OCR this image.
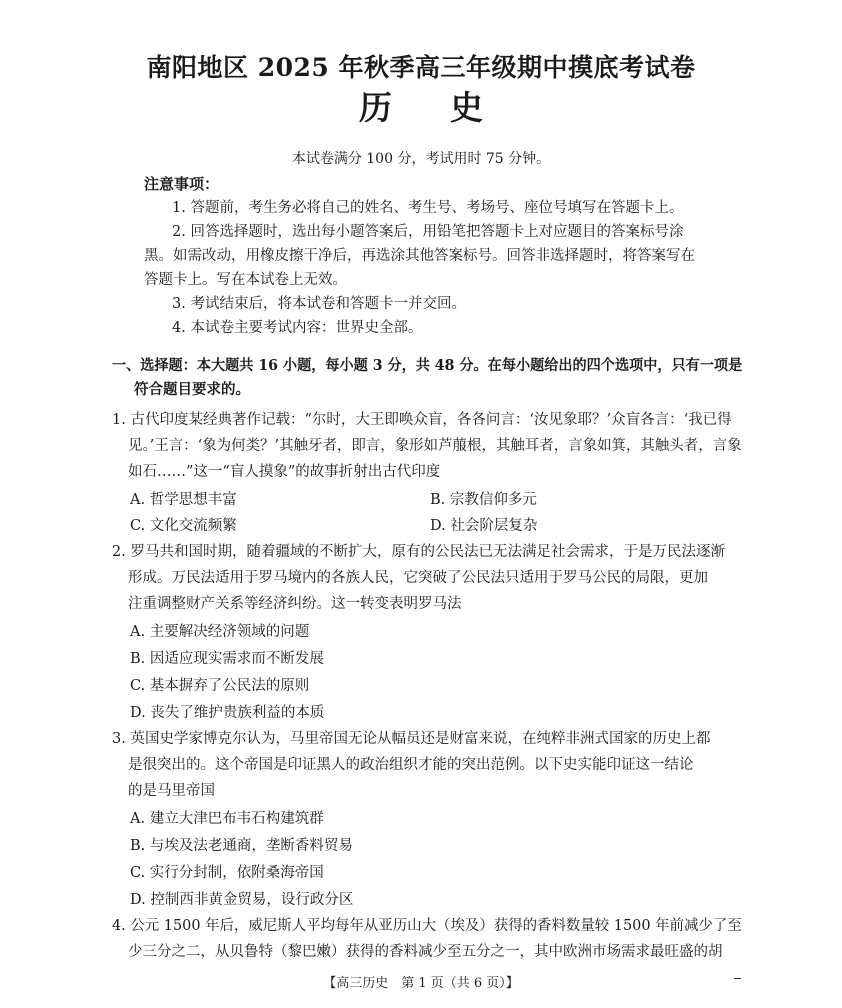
南阳地区 2025 年秋季高三年级期中摸底考试卷
历史
本试卷满分 100 分，考试用时 75 分钟。
注意事项：
1. 答题前，考生务必将自己的姓名、考生号、考场号、座位号填写在答题卡上。
2. 回答选择题时，选出每小题答案后，用铅笔把答题卡上对应题目的答案标号涂
黑。如需改动，用橡皮擦干净后，再选涂其他答案标号。回答非选择题时，将答案写在
答题卡上。写在本试卷上无效。
3. 考试结束后，将本试卷和答题卡一并交回。
4. 本试卷主要考试内容：世界史全部。
一、选择题：本大题共 16 小题，每小题 3 分，共 48 分。在每小题给出的四个选项中，只有一项是
符合题目要求的。
1. 古代印度某经典著作记载：“尔时，大王即唤众盲，各各问言：‘汝见象耶？’众盲各言：‘我已得
见。’王言：‘象为何类？’其触牙者，即言，象形如芦菔根，其触耳者，言象如箕，其触头者，言象
如石……”这一“盲人摸象”的故事折射出古代印度
A. 哲学思想丰富	B. 宗教信仰多元
C. 文化交流频繁	D. 社会阶层复杂
2. 罗马共和国时期，随着疆域的不断扩大，原有的公民法已无法满足社会需求，于是万民法逐渐
形成。万民法适用于罗马境内的各族人民，它突破了公民法只适用于罗马公民的局限，更加
注重调整财产关系等经济纠纷。这一转变表明罗马法
A. 主要解决经济领域的问题
B. 因适应现实需求而不断发展
C. 基本摒弃了公民法的原则
D. 丧失了维护贵族利益的本质
3. 英国史学家博克尔认为，马里帝国无论从幅员还是财富来说，在纯粹非洲式国家的历史上都
是很突出的。这个帝国是印证黑人的政治组织才能的突出范例。以下史实能印证这一结论
的是马里帝国
A. 建立大津巴布韦石构建筑群
B. 与埃及法老通商，垄断香料贸易
C. 实行分封制，依附桑海帝国
D. 控制西非黄金贸易，设行政分区
4. 公元 1500 年后，威尼斯人平均每年从亚历山大（埃及）获得的香料数量较 1500 年前减少了至
少三分之二，从贝鲁特（黎巴嫩）获得的香料减少至五分之一，其中欧洲市场需求最旺盛的胡
【高三历史　第 1 页（共 6 页）】
